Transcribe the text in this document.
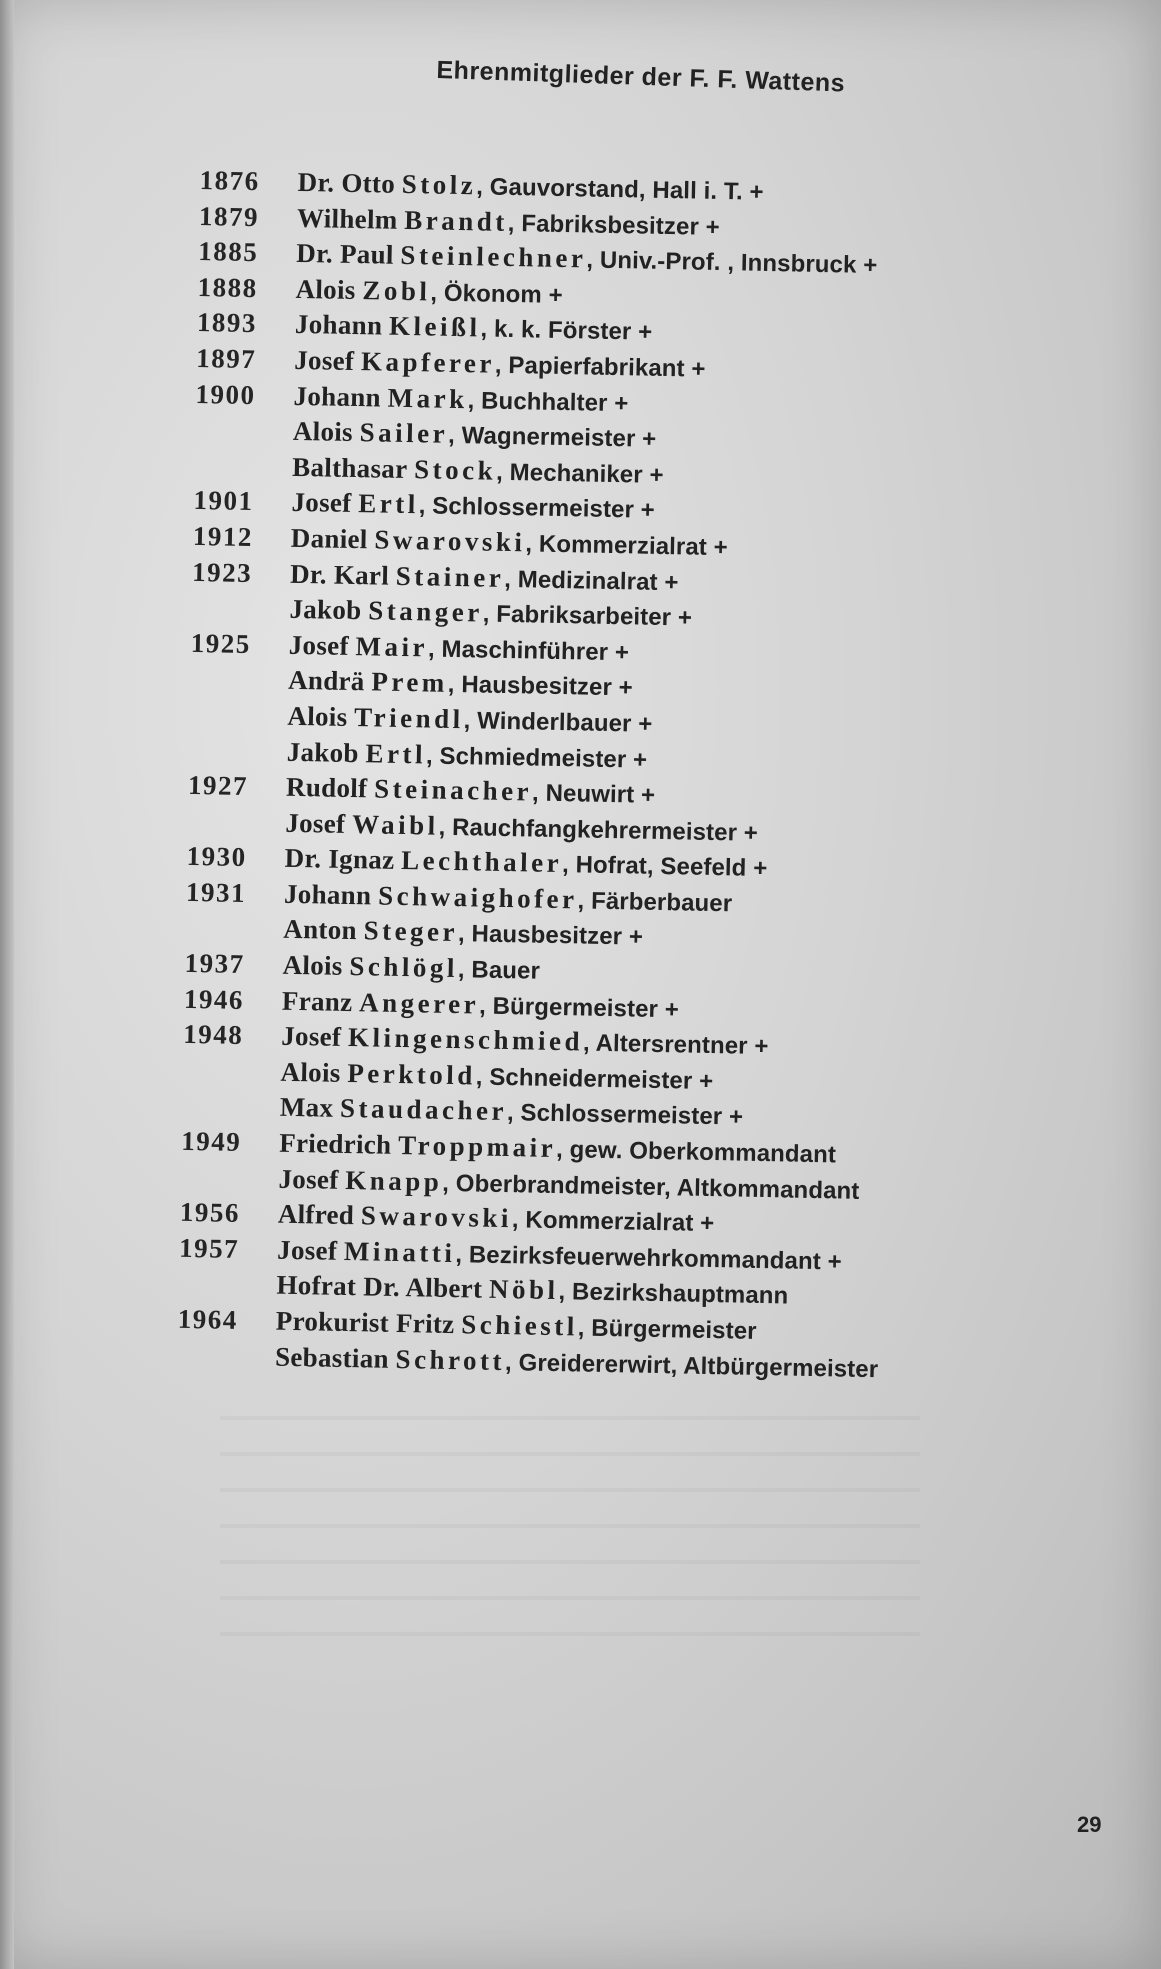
Ehrenmitglieder der F. F. Wattens
1876	Dr. Otto Stolz, Gauvorstand, Hall i. T. +
1879	Wilhelm Brandt, Fabriksbesitzer +
1885	Dr. Paul Steinlechner, Univ.-Prof. , Innsbruck +
1888	Alois Zobl, Ökonom +
1893	Johann Kleißl, k. k. Förster +
1897	Josef Kapferer, Papierfabrikant +
1900	Johann Mark, Buchhalter +
Alois Sailer, Wagnermeister +
Balthasar Stock, Mechaniker +
1901	Josef Ertl, Schlossermeister +
1912	Daniel Swarovski, Kommerzialrat +
1923	Dr. Karl Stainer, Medizinalrat +
Jakob Stanger, Fabriksarbeiter +
1925	Josef Mair, Maschinführer +
Andrä Prem, Hausbesitzer +
Alois Triendl, Winderlbauer +
Jakob Ertl, Schmiedmeister +
1927	Rudolf Steinacher, Neuwirt +
Josef Waibl, Rauchfangkehrermeister +
1930	Dr. Ignaz Lechthaler, Hofrat, Seefeld +
1931	Johann Schwaighofer, Färberbauer
Anton Steger, Hausbesitzer +
1937	Alois Schlögl, Bauer
1946	Franz Angerer, Bürgermeister +
1948	Josef Klingenschmied, Altersrentner +
Alois Perktold, Schneidermeister +
Max Staudacher, Schlossermeister +
1949	Friedrich Troppmair, gew. Oberkommandant
Josef Knapp, Oberbrandmeister, Altkommandant
1956	Alfred Swarovski, Kommerzialrat +
1957	Josef Minatti, Bezirksfeuerwehrkommandant +
Hofrat Dr. Albert Nöbl, Bezirkshauptmann
1964	Prokurist Fritz Schiestl, Bürgermeister
Sebastian Schrott, Greidererwirt, Altbürgermeister
29
